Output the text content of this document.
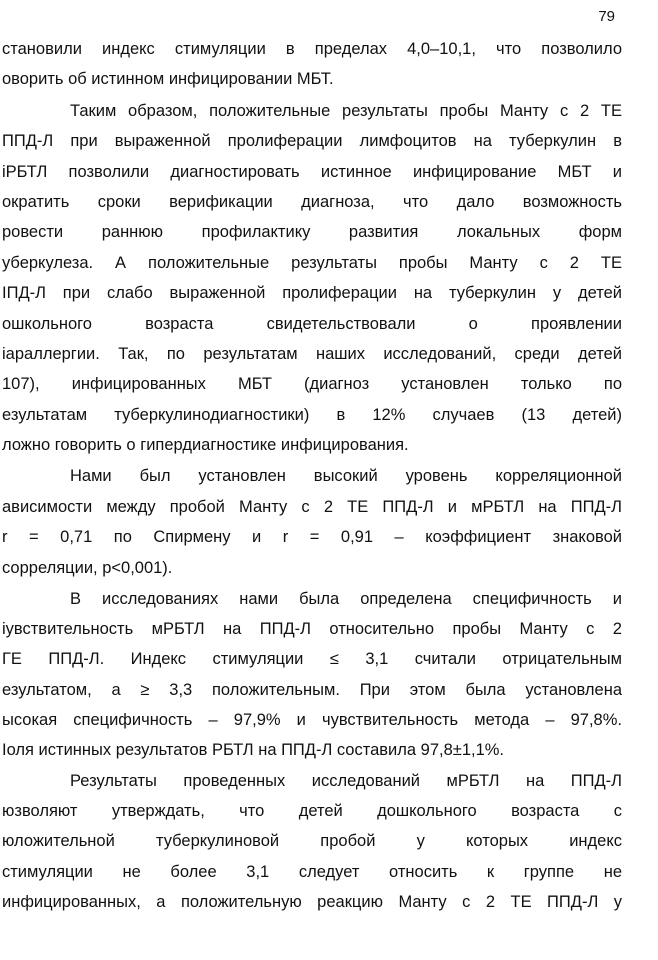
79
становили индекс стимуляции в пределах 4,0–10,1, что позволило
оворить об истинном инфицировании МБТ.
Таким образом, положительные результаты пробы Манту с 2 ТЕ
ППД-Л при выраженной пролиферации лимфоцитов на туберкулин в
іРБТЛ позволили диагностировать истинное инфицирование МБТ и
ократить сроки верификации диагноза, что дало возможность
ровести раннюю профилактику развития локальных форм
уберкулеза. А положительные результаты пробы Манту с 2 ТЕ
ІПД-Л при слабо выраженной пролиферации на туберкулин у детей
ошкольного возраста свидетельствовали о проявлении
іараллергии. Так, по результатам наших исследований, среди детей
107), инфицированных МБТ (диагноз установлен только по
езультатам туберкулинодиагностики) в 12% случаев (13 детей)
ложно говорить о гипердиагностике инфицирования.
Нами был установлен высокий уровень корреляционной
ависимости между пробой Манту с 2 ТЕ ППД-Л и мРБТЛ на ППД-Л
r = 0,71 по Спирмену и r = 0,91 – коэффициент знаковой
сорреляции, p<0,001).
В исследованиях нами была определена специфичность и
іувствительность мРБТЛ на ППД-Л относительно пробы Манту с 2
ГЕ ППД-Л. Индекс стимуляции ≤ 3,1 считали отрицательным
езультатом, а ≥ 3,3 положительным. При этом была установлена
ысокая специфичность – 97,9% и чувствительность метода – 97,8%.
Іоля истинных результатов РБТЛ на ППД-Л составила 97,8±1,1%.
Результаты проведенных исследований мРБТЛ на ППД-Л
юзволяют утверждать, что детей дошкольного возраста с
юложительной туберкулиновой пробой у которых индекс
стимуляции не более 3,1 следует относить к группе не
инфицированных, а положительную реакцию Манту с 2 ТЕ ППД-Л у
